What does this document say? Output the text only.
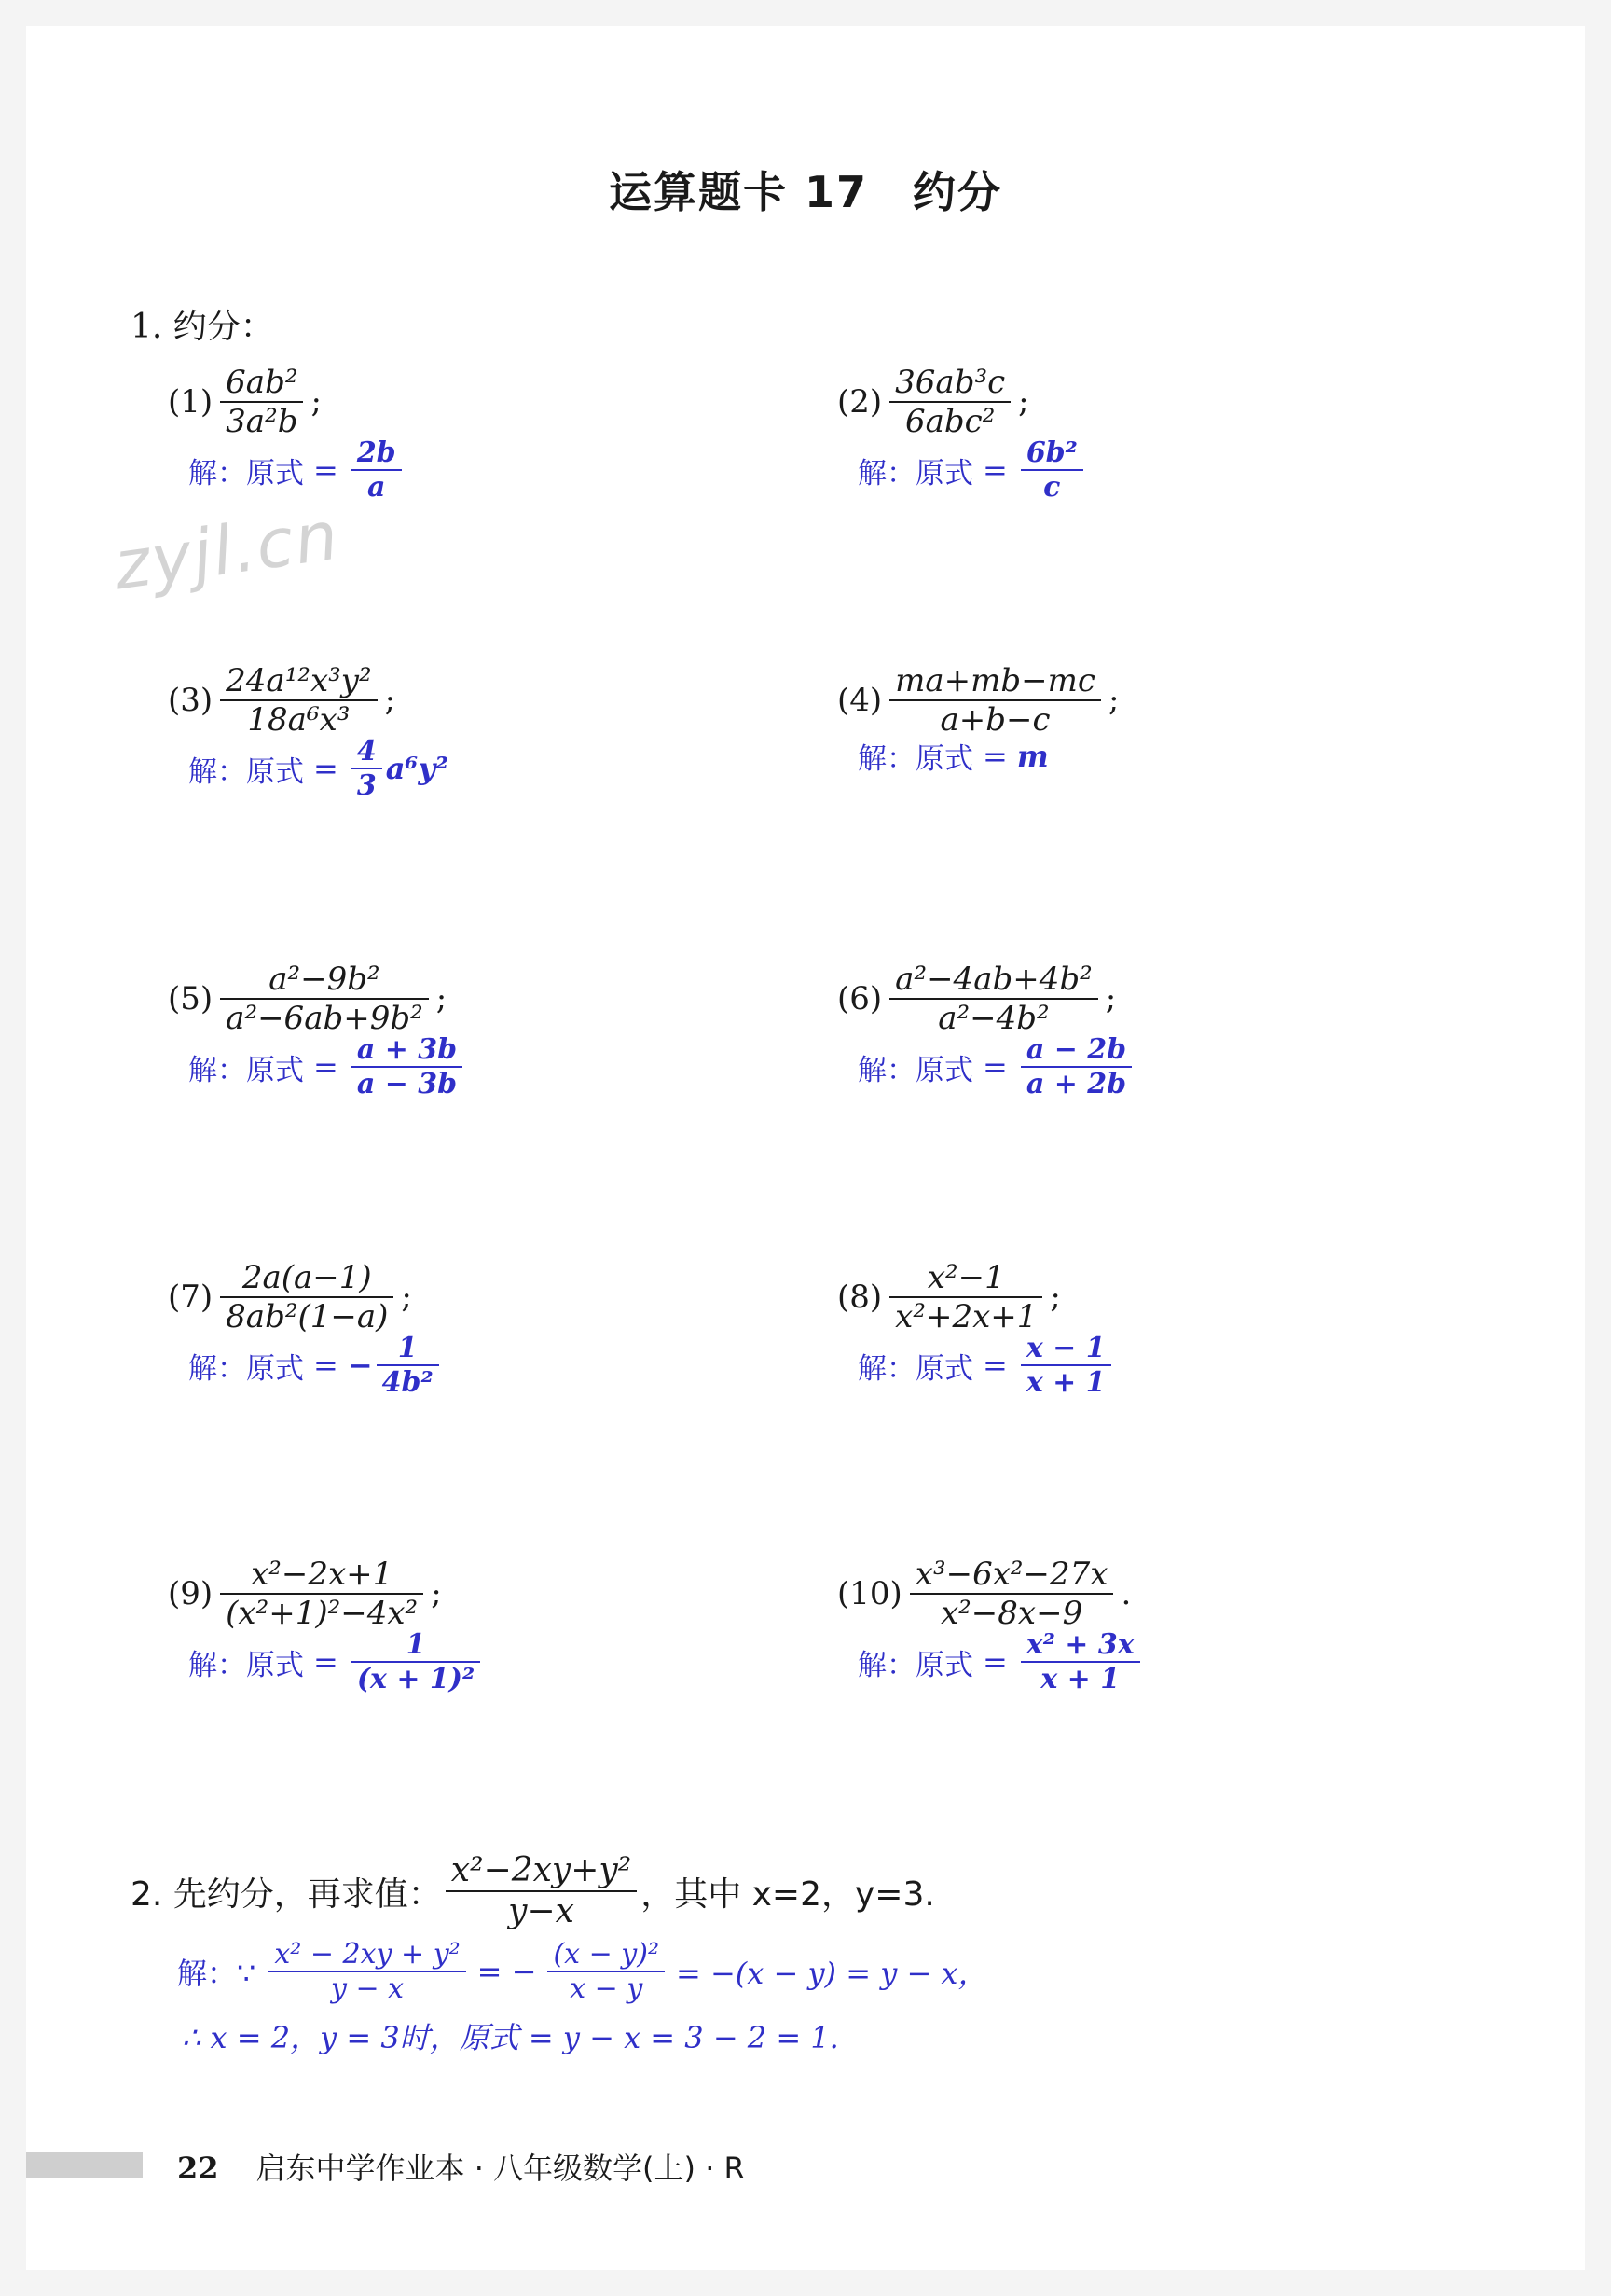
运算题卡 17 约分
zyjl.cn
1. 约分：
$(1) \frac{\text{6ab²}}{\text{3a²b}}$ ;
解：原式 = $\frac{2b}{a}$
$(2) \frac{\text{36ab³c}}{\text{6abc²}}$ ;
解：原式 = $\frac{\text{6b²}}{c}$
$(3) \frac{\text{24a¹²x³y²}}{\text{18a⁶x³}}$ ;
解：原式 = $\frac{4}{3} a^6y^2$
$(4) \frac{ma+mb-mc}{a+b-c}$ ;
解：原式 = m
$(5) \frac{\text{a²−9b²}}{\text{a²−6ab+9b²}}$ ;
解：原式 = $\frac{a + 3b}{a - 3b}$
$(6) \frac{\text{a²−4ab+4b²}}{\text{a²−4b²}}$ ;
解：原式 = $\frac{a - 2b}{a + 2b}$
$(7) \frac{2a(a-1)}{\text{8ab²(1−a)}}$ ;
解：原式 = − $\frac{1}{\text{4b²}}$
$(8) \frac{\text{x²−1}}{\text{x²+2x+1}}$ ;
解：原式 = $\frac{x - 1}{x + 1}$
$(9) \frac{\text{x²−2x+1}}{\text{(x²+1)²−4x²}}$ ;
解：原式 = $\frac{1}{\text{(x + 1)²}}$
$(10) \frac{\text{x³−6x²−27x}}{\text{x²−8x−9}}$ .
解：原式 = $\frac{\text{x² + 3x}}{x + 1}$
2. 先约分，再求值： $\frac{\text{x²−2xy+y²}}{y-x}$ ，其中 x=2，y=3.
解：∵ $\frac{\text{x² − 2xy + y²}}{y - x}$ = − $\frac{\text{(x − y)²}}{x - y} = -(x - y) = y - x$，
∴ x = 2，y = 3时，原式 = y − x = 3 − 2 = 1.
22 启东中学作业本 · 八年级数学(上) · R
